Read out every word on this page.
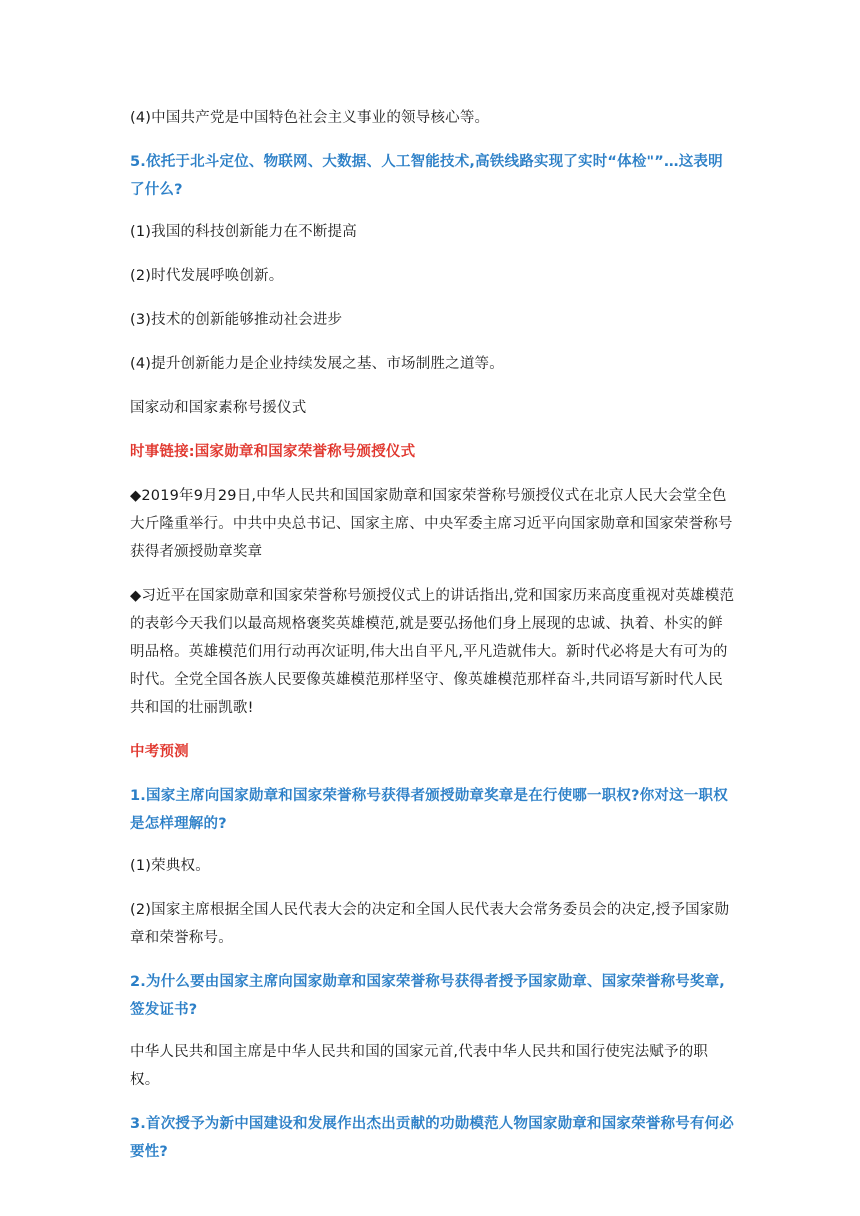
(4)中国共产党是中国特色社会主义事业的领导核心等。

5.依托于北斗定位、物联网、大数据、人工智能技术,高铁线路实现了实时“体检"”…这表明了什么?

(1)我国的科技创新能力在不断提高

(2)时代发展呼唤创新。

(3)技术的创新能够推动社会进步

(4)提升创新能力是企业持续发展之基、市场制胜之道等。

国家动和国家素称号援仪式

时事链接:国家勋章和国家荣誉称号颁授仪式

◆2019年9月29日,中华人民共和国国家勋章和国家荣誉称号颁授仪式在北京人民大会堂全色大斤隆重举行。中共中央总书记、国家主席、中央军委主席习近平向国家勋章和国家荣誉称号获得者颁授勋章奖章

◆习近平在国家勋章和国家荣誉称号颁授仪式上的讲话指出,党和国家历来高度重视对英雄模范的表彰今天我们以最高规格褒奖英雄模范,就是要弘扬他们身上展现的忠诚、执着、朴实的鲜明品格。英雄模范们用行动再次证明,伟大出自平凡,平凡造就伟大。新时代必将是大有可为的时代。全党全国各族人民要像英雄模范那样坚守、像英雄模范那样奋斗,共同语写新时代人民共和国的壮丽凯歌!

中考预测

1.国家主席向国家勋章和国家荣誉称号获得者颁授勋章奖章是在行使哪一职权?你对这一职权是怎样理解的?

(1)荣典权。

(2)国家主席根据全国人民代表大会的决定和全国人民代表大会常务委员会的决定,授予国家勋章和荣誉称号。

2.为什么要由国家主席向国家勋章和国家荣誉称号获得者授予国家勋章、国家荣誉称号奖章,签发证书?

中华人民共和国主席是中华人民共和国的国家元首,代表中华人民共和国行使宪法赋予的职权。

3.首次授予为新中国建设和发展作出杰出贡献的功勋模范人物国家勋章和国家荣誉称号有何必要性?
